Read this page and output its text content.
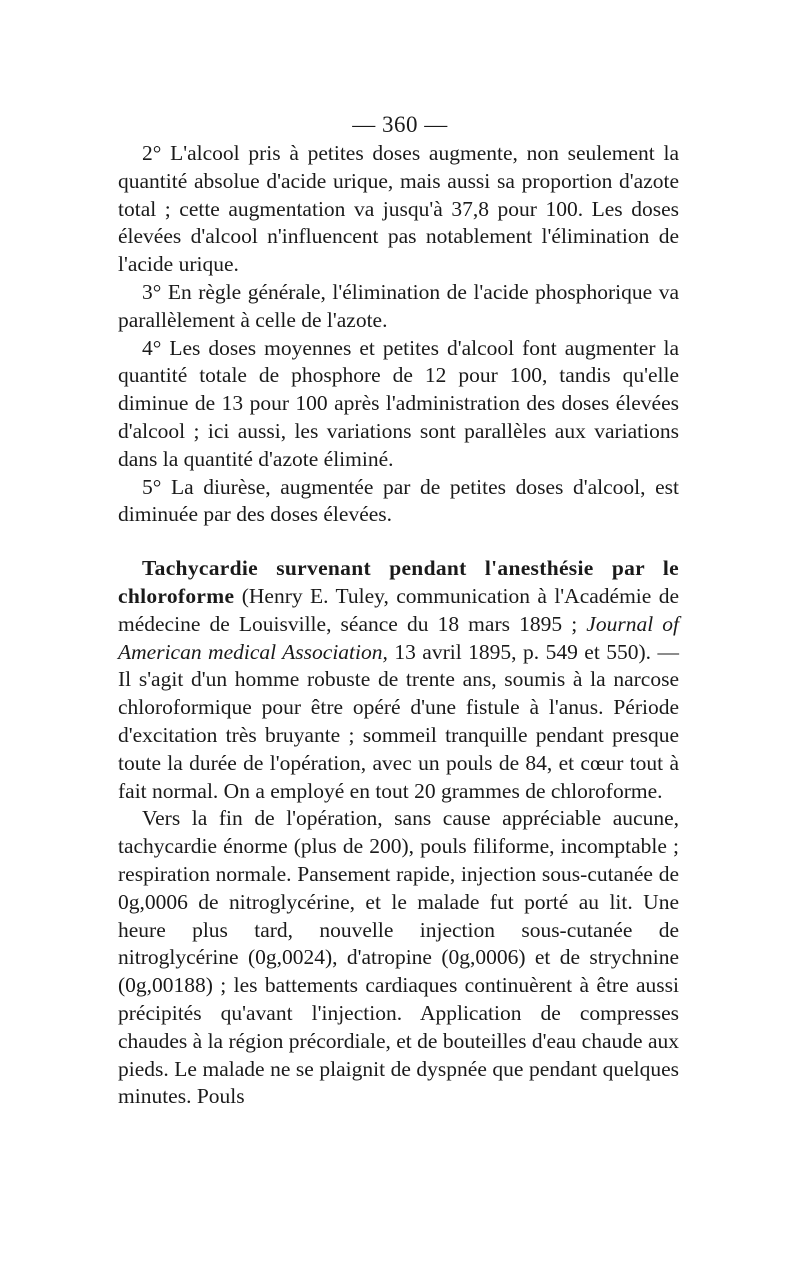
— 360 —

2° L'alcool pris à petites doses augmente, non seulement la quantité absolue d'acide urique, mais aussi sa proportion d'azote total ; cette augmentation va jusqu'à 37,8 pour 100. Les doses élevées d'alcool n'influencent pas notablement l'élimination de l'acide urique.

3° En règle générale, l'élimination de l'acide phosphorique va parallèlement à celle de l'azote.

4° Les doses moyennes et petites d'alcool font augmenter la quantité totale de phosphore de 12 pour 100, tandis qu'elle diminue de 13 pour 100 après l'administration des doses élevées d'alcool ; ici aussi, les variations sont parallèles aux variations dans la quantité d'azote éliminé.

5° La diurèse, augmentée par de petites doses d'alcool, est diminuée par des doses élevées.

Tachycardie survenant pendant l'anesthésie par le chloroforme (Henry E. Tuley, communication à l'Académie de médecine de Louisville, séance du 18 mars 1895 ; Journal of American medical Association, 13 avril 1895, p. 549 et 550). — Il s'agit d'un homme robuste de trente ans, soumis à la narcose chloroformique pour être opéré d'une fistule à l'anus. Période d'excitation très bruyante ; sommeil tranquille pendant presque toute la durée de l'opération, avec un pouls de 84, et cœur tout à fait normal. On a employé en tout 20 grammes de chloroforme.

Vers la fin de l'opération, sans cause appréciable aucune, tachycardie énorme (plus de 200), pouls filiforme, incomptable ; respiration normale. Pansement rapide, injection sous-cutanée de 0g,0006 de nitroglycérine, et le malade fut porté au lit. Une heure plus tard, nouvelle injection sous-cutanée de nitroglycérine (0g,0024), d'atropine (0g,0006) et de strychnine (0g,00188) ; les battements cardiaques continuèrent à être aussi précipités qu'avant l'injection. Application de compresses chaudes à la région précordiale, et de bouteilles d'eau chaude aux pieds. Le malade ne se plaignit de dyspnée que pendant quelques minutes. Pouls
